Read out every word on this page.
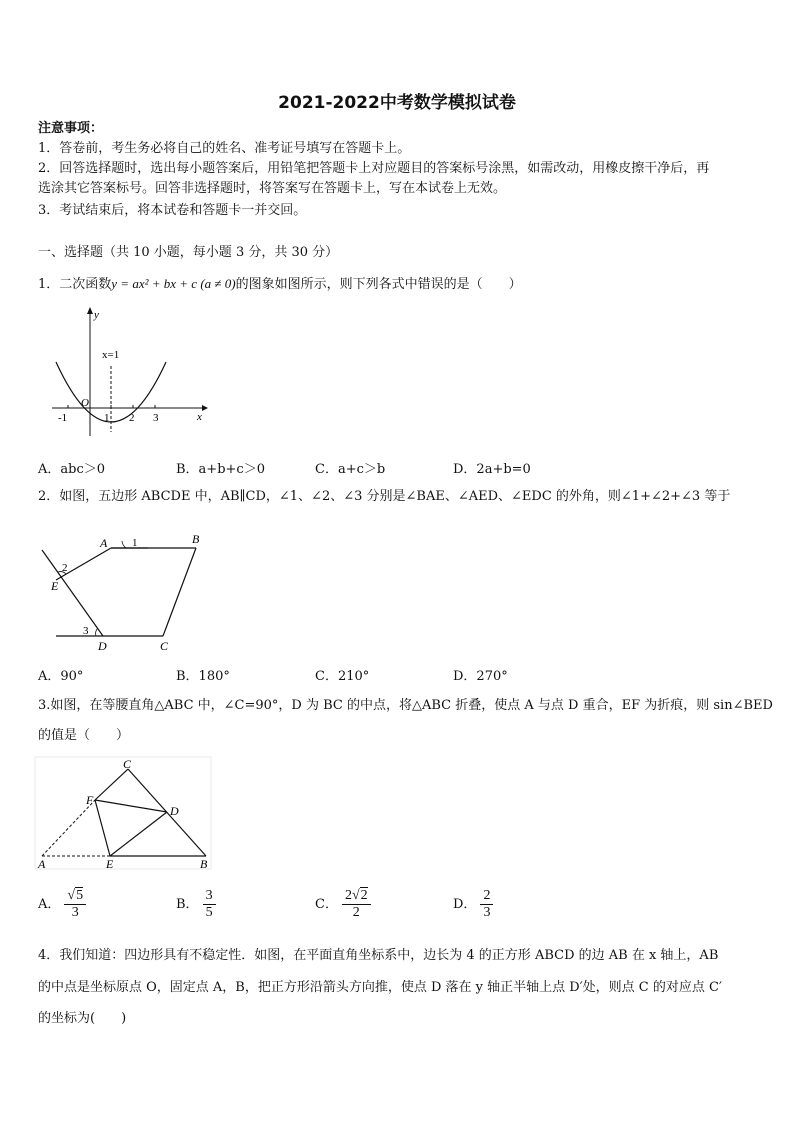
2021-2022中考数学模拟试卷
注意事项：
1．答卷前，考生务必将自己的姓名、准考证号填写在答题卡上。
2．回答选择题时，选出每小题答案后，用铅笔把答题卡上对应题目的答案标号涂黑，如需改动，用橡皮擦干净后，再
选涂其它答案标号。回答非选择题时，将答案写在答题卡上，写在本试卷上无效。
3．考试结束后，将本试卷和答题卡一并交回。
一、选择题（共 10 小题，每小题 3 分，共 30 分）
1．二次函数y = ax² + bx + c (a ≠ 0)的图象如图所示，则下列各式中错误的是（　　）
y
x
x=1
O
-1	1 2 3
A．abc＞0	B．a+b+c＞0	C．a+c＞b	D．2a+b=0
2．如图，五边形 ABCDE 中，AB∥CD，∠1、∠2、∠3 分别是∠BAE、∠AED、∠EDC 的外角，则∠1+∠2+∠3 等于
A	B
C
D
E
1
2
3
A．90°	B．180°	C．210°	D．270°
3.如图，在等腰直角△ABC 中，∠C=90°，D 为 BC 的中点，将△ABC 折叠，使点 A 与点 D 重合，EF 为折痕，则 sin∠BED
的值是（　　）
C
F
D
A	E	B
A． $\frac{√5}{3}$	B． $\frac{3}{5}$	C． $\frac{2√2}{2}$	D． $\frac{2}{3}$
4．我们知道：四边形具有不稳定性．如图，在平面直角坐标系中，边长为 4 的正方形 ABCD 的边 AB 在 x 轴上，AB
的中点是坐标原点 O，固定点 A，B，把正方形沿箭头方向推，使点 D 落在 y 轴正半轴上点 D′处，则点 C 的对应点 C′
的坐标为(　　)
